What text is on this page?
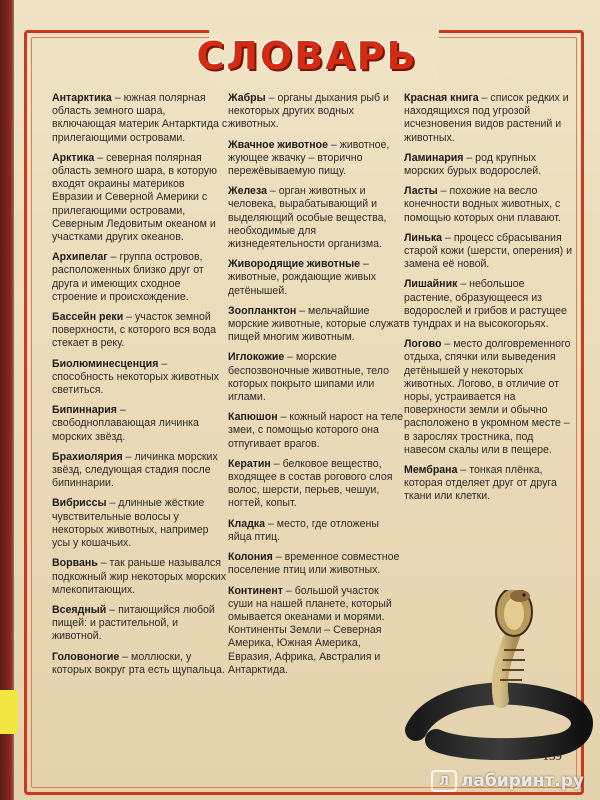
СЛОВАРЬ

Антарктика – южная полярная область земного шара, включающая материк Антарктида с прилегающими островами.

Арктика – северная полярная область земного шара, в которую входят окраины материков Евразии и Северной Америки с прилегающими островами, Северным Ледовитым океаном и участками других океанов.

Архипелаг – группа островов, расположенных близко друг от друга и имеющих сходное строение и происхождение.

Бассейн реки – участок земной поверхности, с которого вся вода стекает в реку.

Биолюминесценция – способность некоторых животных светиться.

Бипиннария – свободноплавающая личинка морских звёзд.

Брахиолярия – личинка морских звёзд, следующая стадия после бипиннарии.

Вибриссы – длинные жёсткие чувствительные волосы у некоторых животных, например усы у кошачьих.

Ворвань – так раньше называлcя подкожный жир некоторых морских млекопитающих.

Всеядный – питающийся любой пищей: и растительной, и животной.

Головоногие – моллюски, у которых вокруг рта есть щупальца.

Жабры – органы дыхания рыб и некоторых других водных животных.

Жвачное животное – животное, жующее жвачку – вторично пережёвываемую пищу.

Железа – орган животных и человека, вырабатывающий и выделяющий особые вещества, необходимые для жизнедеятельности организма.

Живородящие животные – животные, рождающие живых детёнышей.

Зоопланктон – мельчайшие морские животные, которые служат пищей многим животным.

Иглокожие – морские беспозвоночные животные, тело которых покрыто шипами или иглами.

Капюшон – кожный нарост на теле змеи, с помощью которого она отпугивает врагов.

Кератин – белковое вещество, входящее в состав рогового слоя волос, шерсти, перьев, чешуи, ногтей, копыт.

Кладка – место, где отложены яйца птиц.

Колония – временное совместное поселение птиц или животных.

Континент – большой участок суши на нашей планете, который омывается океанами и морями. Континенты Земли – Северная Америка, Южная Америка, Евразия, Африка, Австралия и Антарктида.

Красная книга – список редких и находящихся под угрозой исчезновения видов растений и животных.

Ламинария – род крупных морских бурых водорослей.

Ласты – похожие на весло конечности водных животных, с помощью которых они плавают.

Линька – процесс сбрасывания старой кожи (шерсти, оперения) и замена её новой.

Лишайник – небольшое растение, образующееся из водорослей и грибов и растущее в тундрах и на высокогорьях.

Логово – место долговременного отдыха, спячки или выведения детёнышей у некоторых животных. Логово, в отличие от норы, устраивается на поверхности земли и обычно расположено в укромном месте – в зарослях тростника, под навесом скалы или в пещере.

Мембрана – тонкая плёнка, которая отделяет друг от друга ткани или клетки.

139
Л лабиринт.ру
